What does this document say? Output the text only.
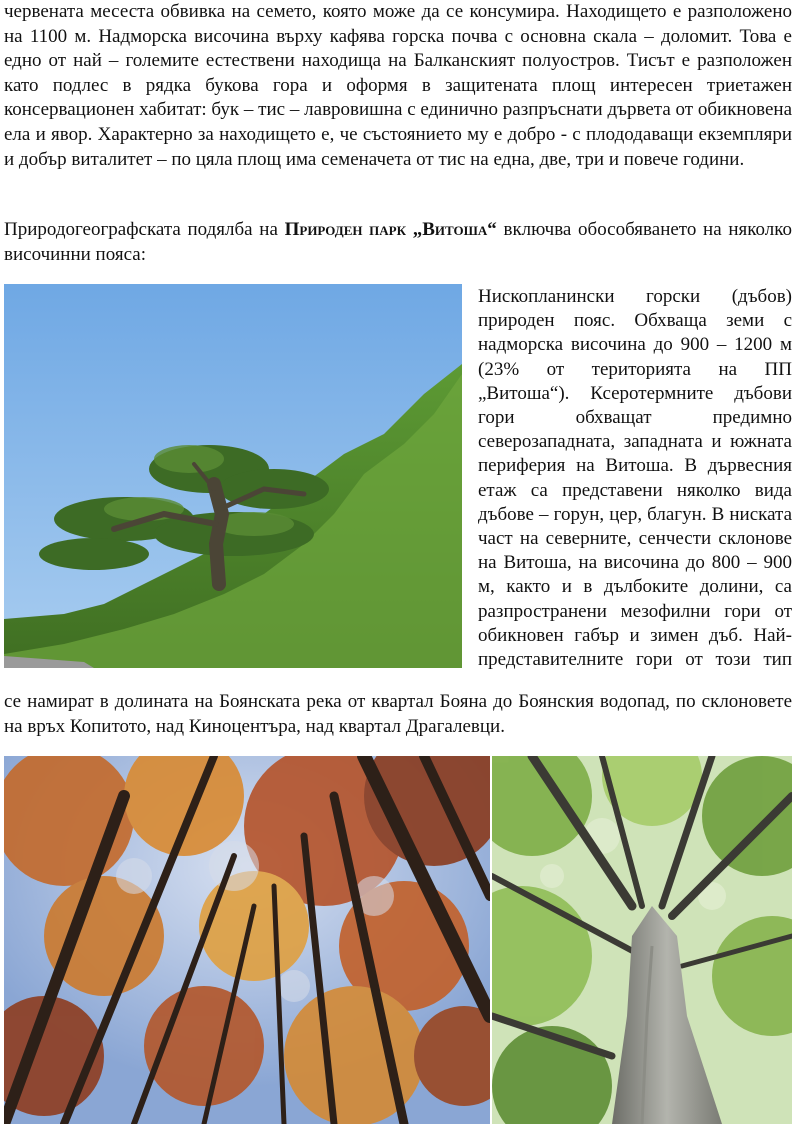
червената месеста обвивка на семето, която може да се консумира. Находището е разположено на 1100 м. Надморска височина върху кафява горска почва с основна скала – доломит. Това е едно от най – големите естествени находища на Балканският полуостров. Тисът е разположен като подлес в рядка букова гора и оформя в защитената площ интересен триетажен консервационен хабитат: бук – тис – лавровишна с единично разпръснати дървета от обикновена ела и явор. Характерно за находището е, че състоянието му е добро - с плододаващи екземпляри и добър виталитет – по цяла площ има семеначета от тис на една, две, три и повече години.

Природогеографската подялба на Природен парк „Витоша“ включва обособяването на няколко височинни пояса:

Нископланински горски (дъбов) природен пояс. Обхваща земи с надморска височина до 900 – 1200 м (23% от територията на ПП „Витоша“). Ксеротермните дъбови гори обхващат предимно северозападната, западната и южната периферия на Витоша. В дървесния етаж са представени няколко вида дъбове – горун, цер, благун. В ниската част на северните, сенчести склонове на Витоша, на височина до 800 – 900 м, както и в дълбоките долини, са разпространени мезофилни гори от обикновен габър и зимен дъб. Най-представителните гори от този тип

се намират в долината на Боянската река от квартал Бояна до Боянския водопад, по склоновете на връх Копитото, над Киноцентъра, над квартал Драгалевци.
